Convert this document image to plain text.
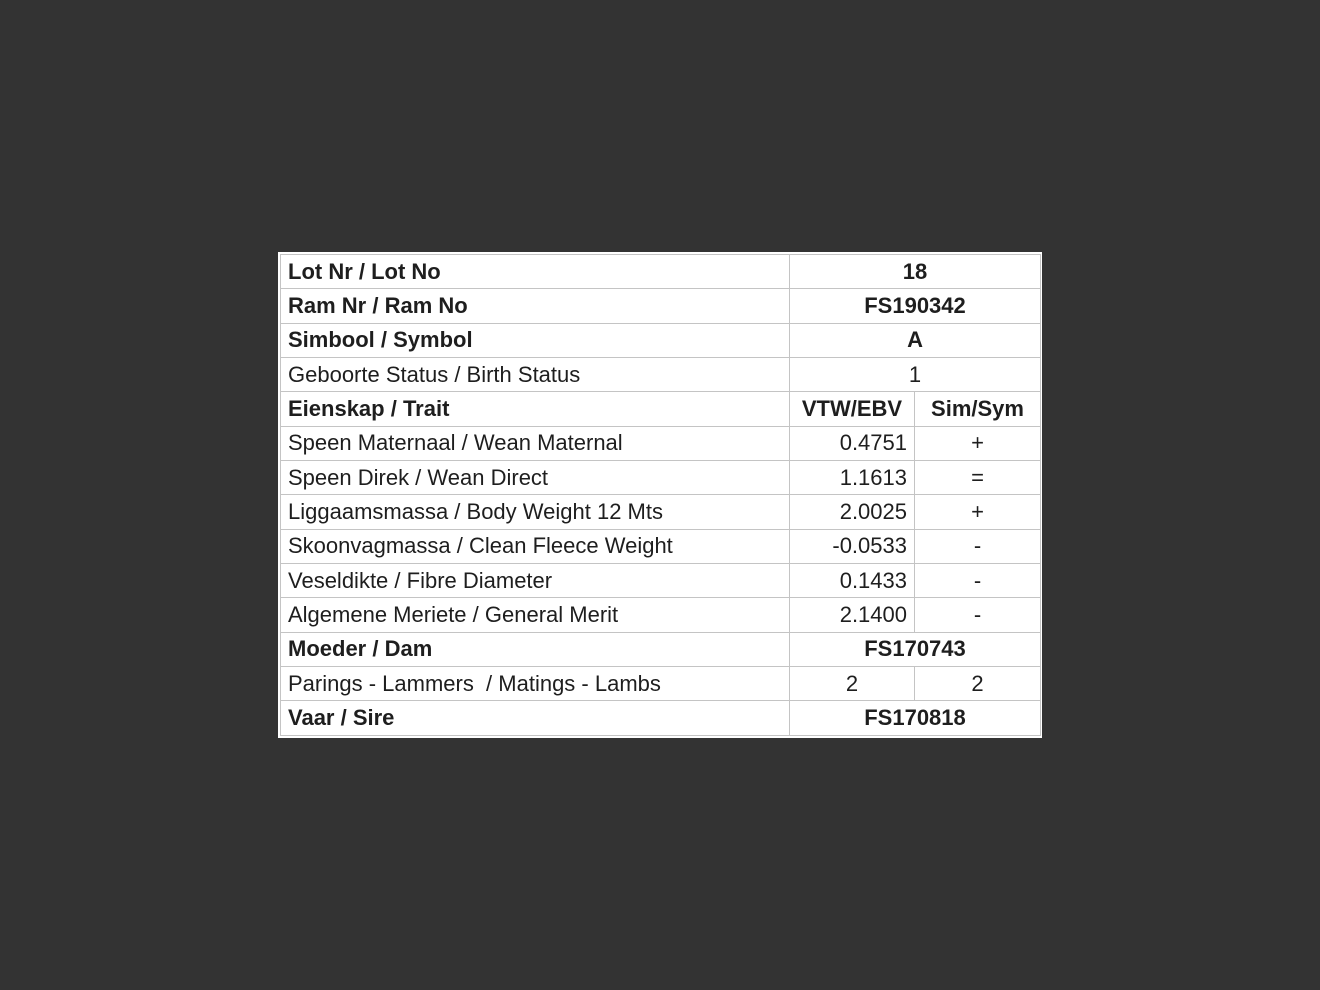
Lot Nr / Lot No	18	
Ram Nr / Ram No	FS190342	
Simbool / Symbol	A	
Geboorte Status / Birth Status	1	
Eienskap / Trait	VTW/EBV	Sim/Sym
Speen Maternaal / Wean Maternal	0.4751	+
Speen Direk / Wean Direct	1.1613	=
Liggaamsmassa / Body Weight 12 Mts	2.0025	+
Skoonvagmassa / Clean Fleece Weight	-0.0533	-
Veseldikte / Fibre Diameter	0.1433	-
Algemene Meriete / General Merit	2.1400	-
Moeder / Dam	FS170743	
Parings - Lammers  / Matings - Lambs	2	2
Vaar / Sire	FS170818	
